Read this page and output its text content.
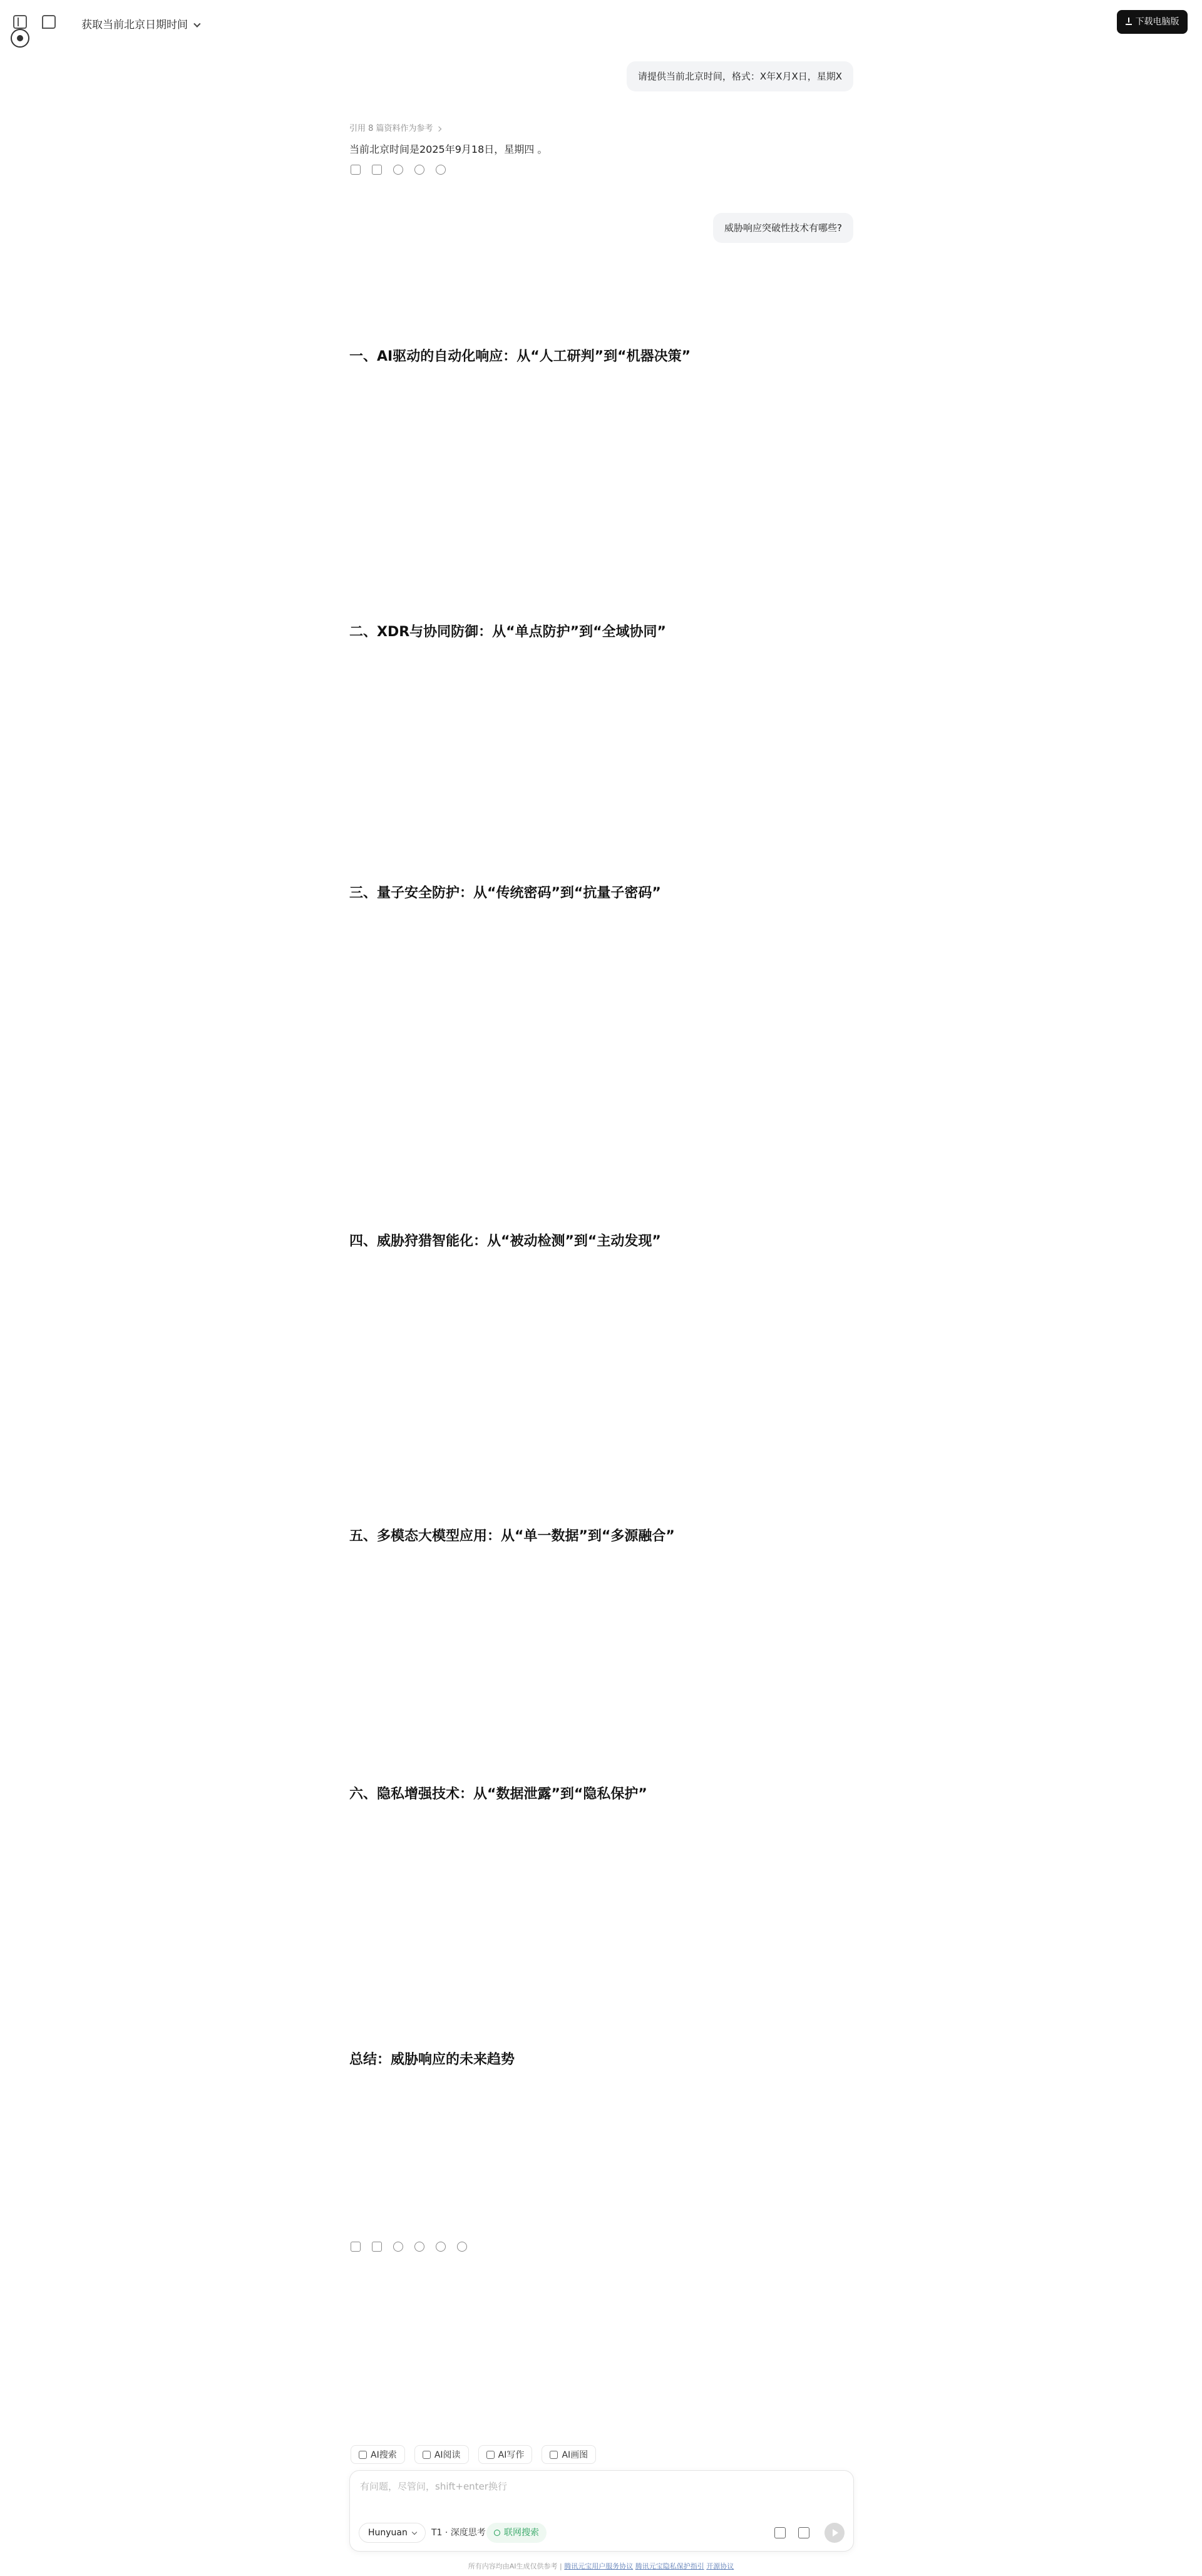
获取当前北京日期时间	下载电脑版
请提供当前北京时间，格式：X年X月X日，星期X
引用 8 篇资料作为参考
当前北京时间是2025年9月18日，星期四 。
威胁响应突破性技术有哪些?
一、AI驱动的自动化响应：从“人工研判”到“机器决策”
二、XDR与协同防御：从“单点防护”到“全域协同”
三、量子安全防护：从“传统密码”到“抗量子密码”
四、威胁狩猎智能化：从“被动检测”到“主动发现”
五、多模态大模型应用：从“单一数据”到“多源融合”
六、隐私增强技术：从“数据泄露”到“隐私保护”
总结：威胁响应的未来趋势
AI搜索
	AI阅读
	AI写作
	AI画图
有问题，尽管问，shift+enter换行
Hunyuan	T1 · 深度思考	联网搜索
所有内容均由AI生成仅供参考 | 腾讯元宝用户服务协议 腾讯元宝隐私保护指引 开源协议
